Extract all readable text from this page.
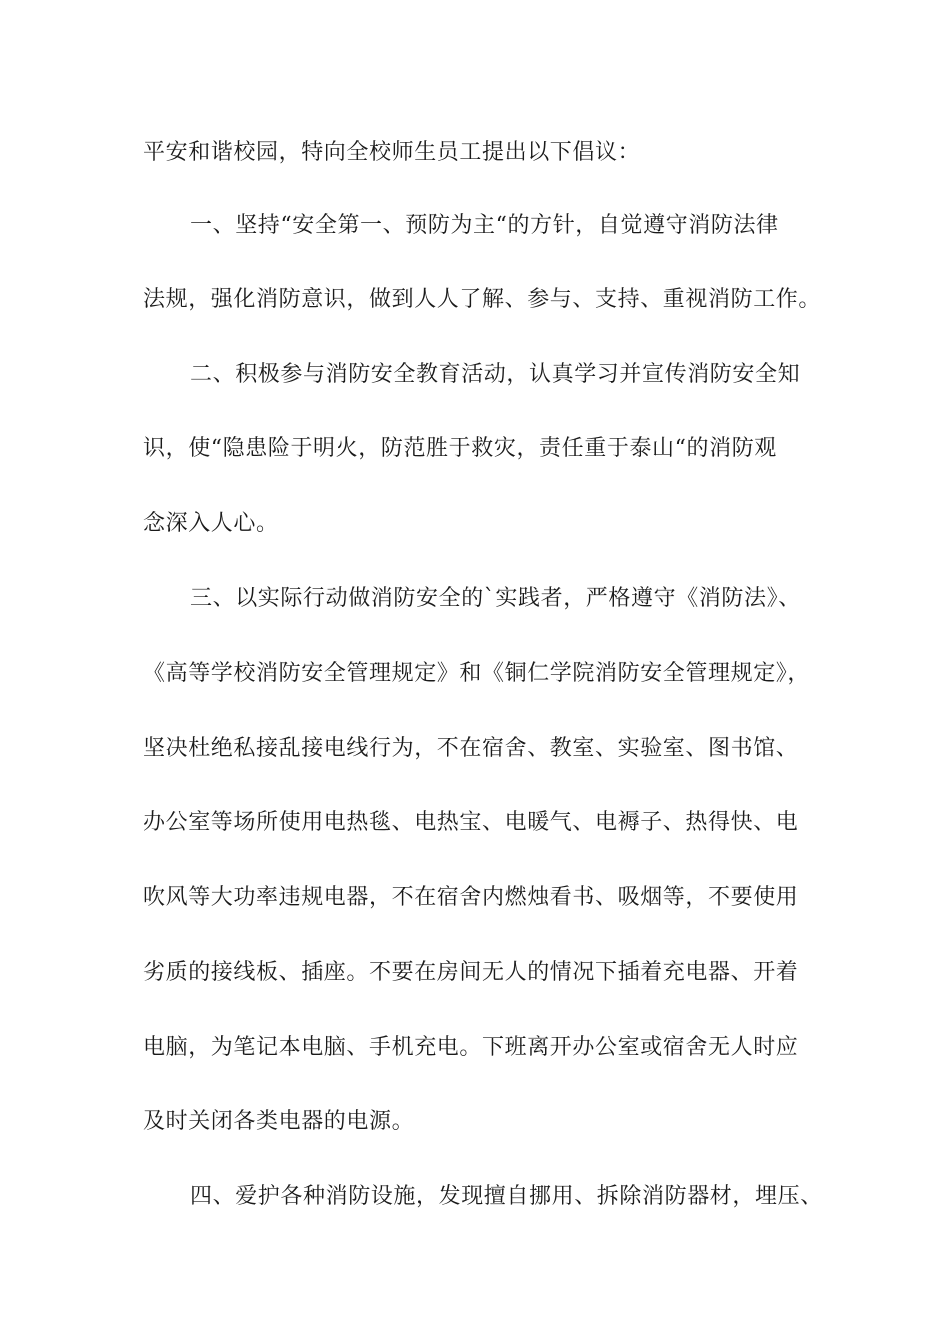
平安和谐校园，特向全校师生员工提出以下倡议：
一、坚持“安全第一、预防为主“的方针，自觉遵守消防法律
法规，强化消防意识，做到人人了解、参与、支持、重视消防工作。
二、积极参与消防安全教育活动，认真学习并宣传消防安全知
识，使“隐患险于明火，防范胜于救灾，责任重于泰山“的消防观
念深入人心。
三、以实际行动做消防安全的`实践者，严格遵守《消防法》、
《高等学校消防安全管理规定》和《铜仁学院消防安全管理规定》，
坚决杜绝私接乱接电线行为，不在宿舍、教室、实验室、图书馆、
办公室等场所使用电热毯、电热宝、电暖气、电褥子、热得快、电
吹风等大功率违规电器，不在宿舍内燃烛看书、吸烟等，不要使用
劣质的接线板、插座。不要在房间无人的情况下插着充电器、开着
电脑，为笔记本电脑、手机充电。下班离开办公室或宿舍无人时应
及时关闭各类电器的电源。
四、爱护各种消防设施，发现擅自挪用、拆除消防器材，埋压、
